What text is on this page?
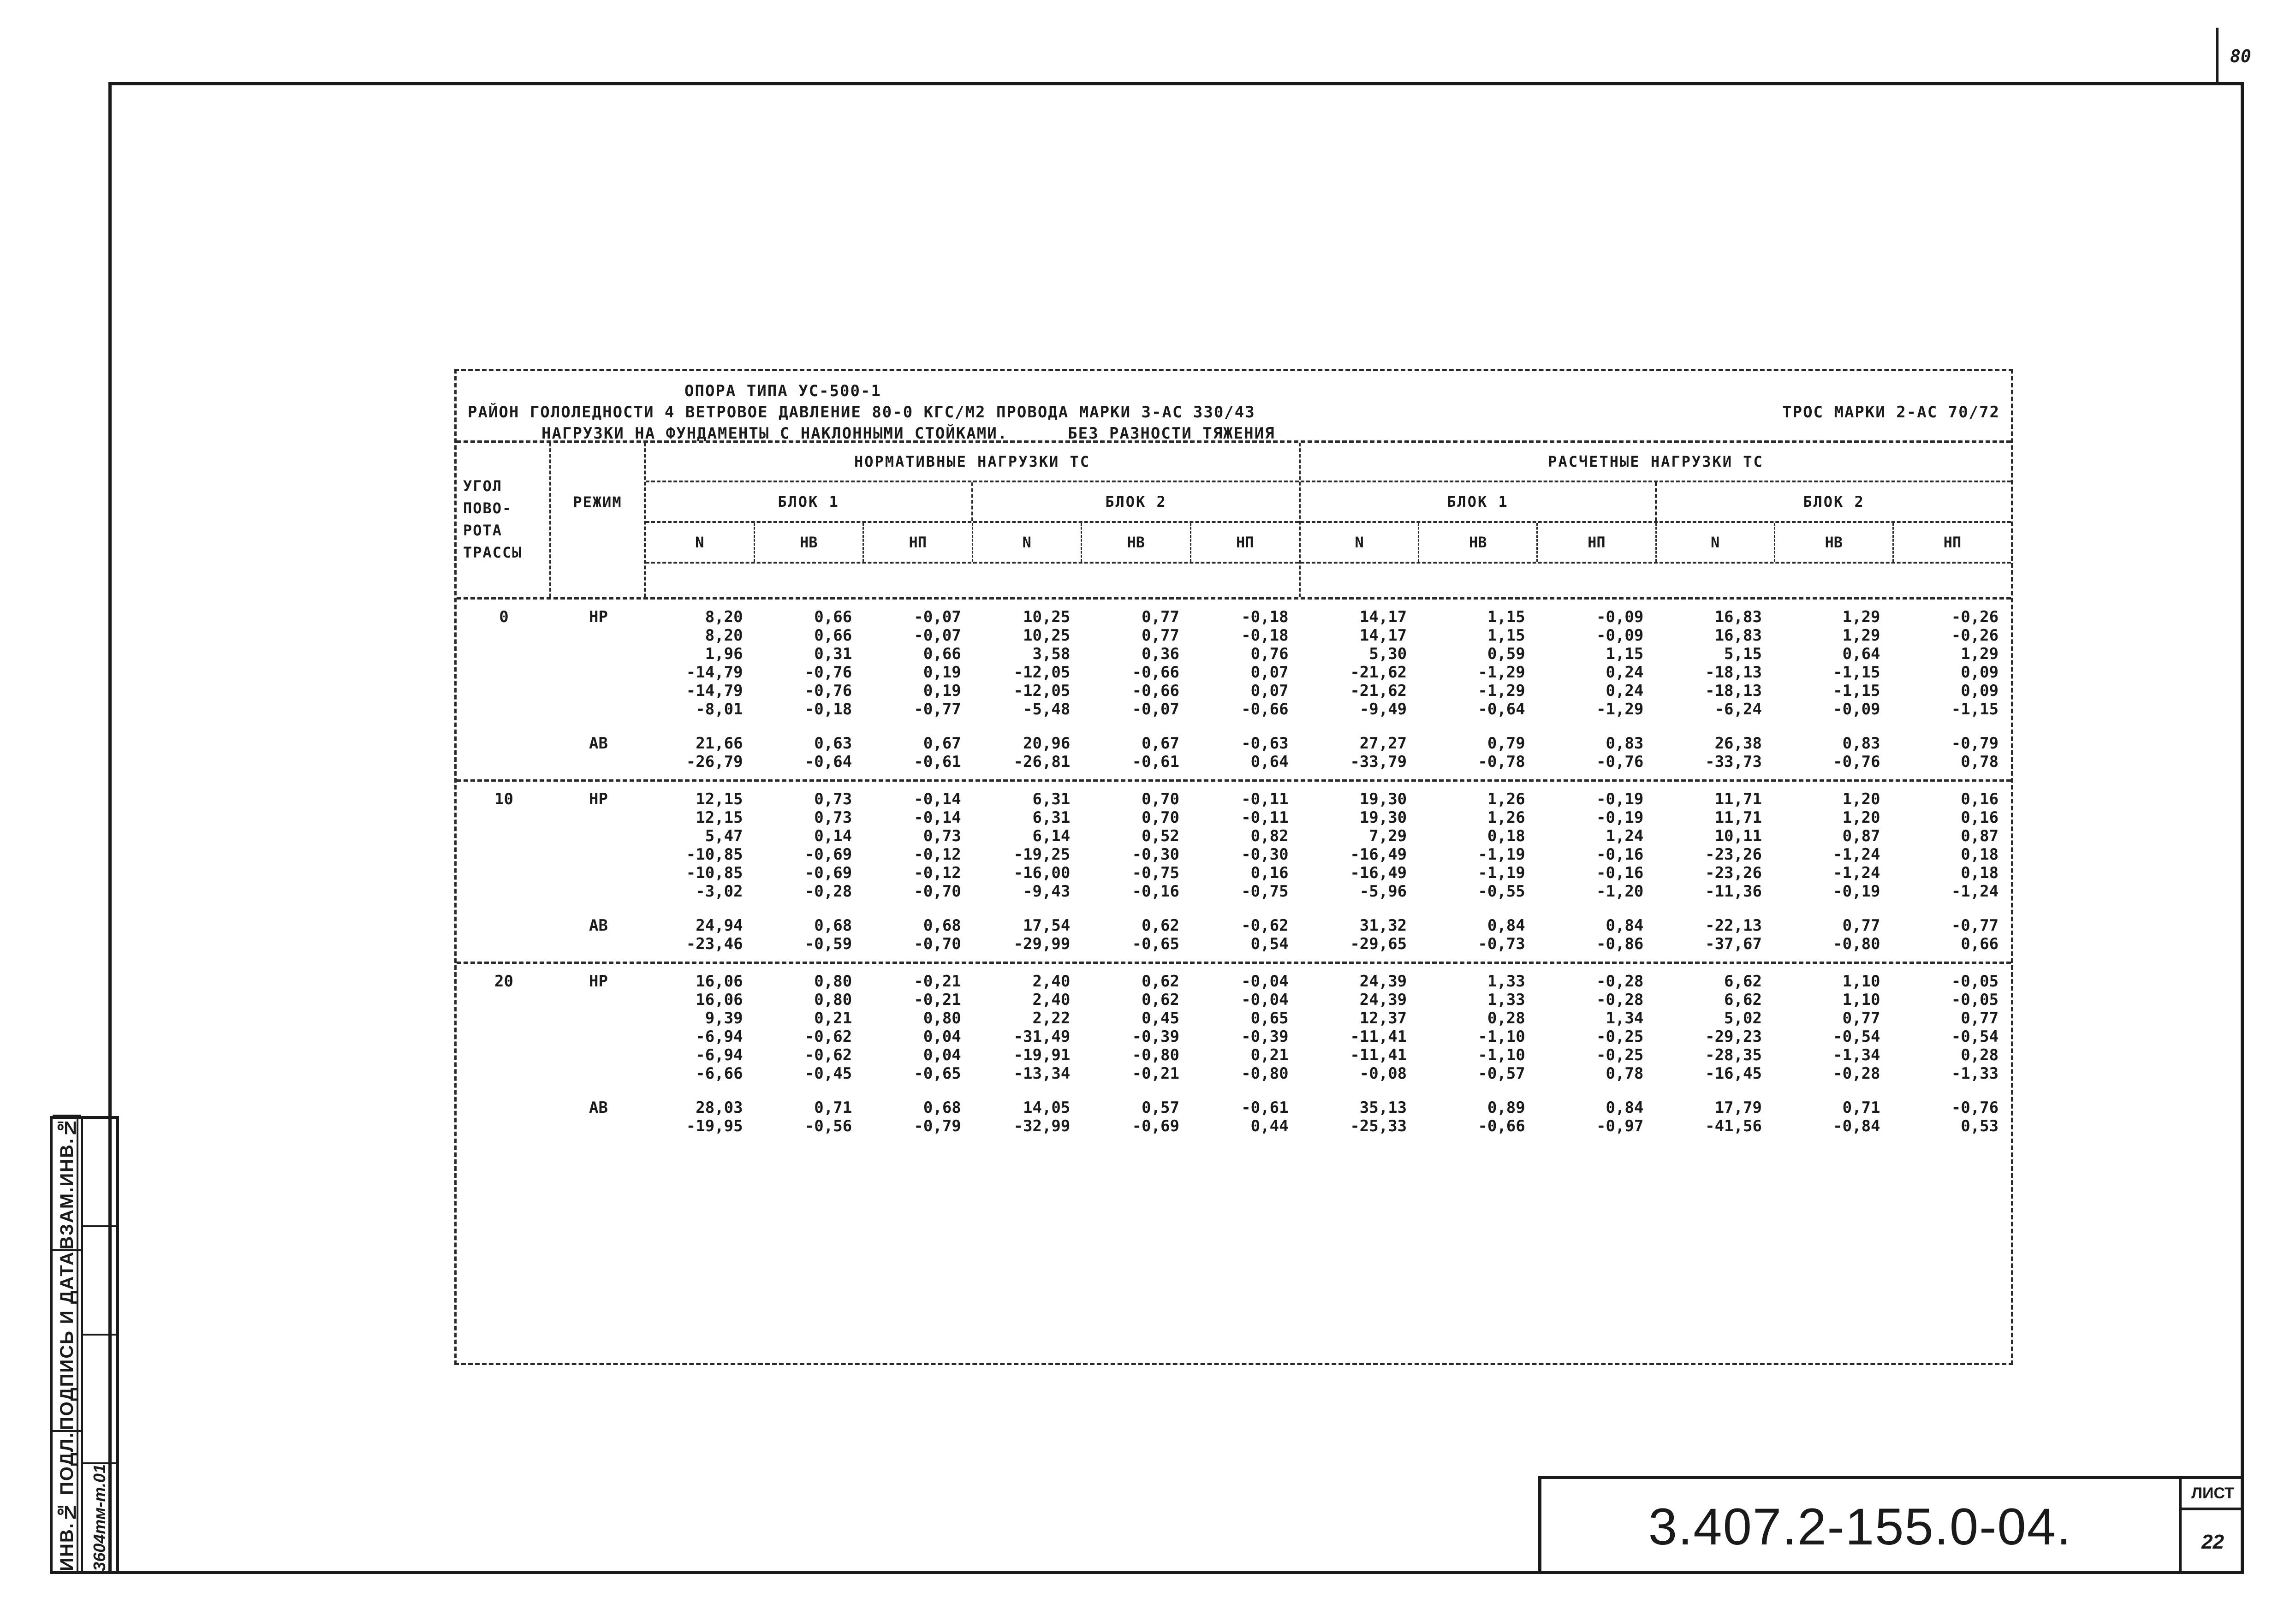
80
ИНВ.№ ПОДЛ.
ПОДПИСЬ И ДАТА
ВЗАМ.ИНВ.№
3604тм-т.01	3.407.2-155.0-04.
ЛИСТ
22
ОПОРА ТИПА УС-500-1
РАЙОН ГОЛОЛЕДНОСТИ 4 ВЕТРОВОЕ ДАВЛЕНИЕ 80-0 КГС/М2 ПРОВОДА МАРКИ 3-АС 330/43	ТРОС МАРКИ 2-АС 70/72
НАГРУЗКИ НА ФУНДАМЕНТЫ С НАКЛОННЫМИ СТОЙКАМИ.	БЕЗ РАЗНОСТИ ТЯЖЕНИЯ
УГОЛ
ПОВО-
РОТА
ТРАССЫ
РЕЖИМ
НОРМАТИВНЫЕ НАГРУЗКИ ТС
БЛОК 1	БЛОК 2
N	НВ	НП	N	НВ	НП
РАСЧЕТНЫЕ НАГРУЗКИ ТС
БЛОК 1	БЛОК 2
N	НВ	НП	N	НВ	НП
0	НР	8,20	0,66	-0,07	10,25	0,77	-0,18	14,17	1,15	-0,09	16,83	1,29	-0,26
8,20	0,66	-0,07	10,25	0,77	-0,18	14,17	1,15	-0,09	16,83	1,29	-0,26
1,96	0,31	0,66	3,58	0,36	0,76	5,30	0,59	1,15	5,15	0,64	1,29
-14,79	-0,76	0,19	-12,05	-0,66	0,07	-21,62	-1,29	0,24	-18,13	-1,15	0,09
-14,79	-0,76	0,19	-12,05	-0,66	0,07	-21,62	-1,29	0,24	-18,13	-1,15	0,09
-8,01	-0,18	-0,77	-5,48	-0,07	-0,66	-9,49	-0,64	-1,29	-6,24	-0,09	-1,15
АВ	21,66	0,63	0,67	20,96	0,67	-0,63	27,27	0,79	0,83	26,38	0,83	-0,79
-26,79	-0,64	-0,61	-26,81	-0,61	0,64	-33,79	-0,78	-0,76	-33,73	-0,76	0,78
10	НР	12,15	0,73	-0,14	6,31	0,70	-0,11	19,30	1,26	-0,19	11,71	1,20	0,16
12,15	0,73	-0,14	6,31	0,70	-0,11	19,30	1,26	-0,19	11,71	1,20	0,16
5,47	0,14	0,73	6,14	0,52	0,82	7,29	0,18	1,24	10,11	0,87	0,87
-10,85	-0,69	-0,12	-19,25	-0,30	-0,30	-16,49	-1,19	-0,16	-23,26	-1,24	0,18
-10,85	-0,69	-0,12	-16,00	-0,75	0,16	-16,49	-1,19	-0,16	-23,26	-1,24	0,18
-3,02	-0,28	-0,70	-9,43	-0,16	-0,75	-5,96	-0,55	-1,20	-11,36	-0,19	-1,24
АВ	24,94	0,68	0,68	17,54	0,62	-0,62	31,32	0,84	0,84	-22,13	0,77	-0,77
-23,46	-0,59	-0,70	-29,99	-0,65	0,54	-29,65	-0,73	-0,86	-37,67	-0,80	0,66
20	НР	16,06	0,80	-0,21	2,40	0,62	-0,04	24,39	1,33	-0,28	6,62	1,10	-0,05
16,06	0,80	-0,21	2,40	0,62	-0,04	24,39	1,33	-0,28	6,62	1,10	-0,05
9,39	0,21	0,80	2,22	0,45	0,65	12,37	0,28	1,34	5,02	0,77	0,77
-6,94	-0,62	0,04	-31,49	-0,39	-0,39	-11,41	-1,10	-0,25	-29,23	-0,54	-0,54
-6,94	-0,62	0,04	-19,91	-0,80	0,21	-11,41	-1,10	-0,25	-28,35	-1,34	0,28
-6,66	-0,45	-0,65	-13,34	-0,21	-0,80	-0,08	-0,57	0,78	-16,45	-0,28	-1,33
АВ	28,03	0,71	0,68	14,05	0,57	-0,61	35,13	0,89	0,84	17,79	0,71	-0,76
-19,95	-0,56	-0,79	-32,99	-0,69	0,44	-25,33	-0,66	-0,97	-41,56	-0,84	0,53
